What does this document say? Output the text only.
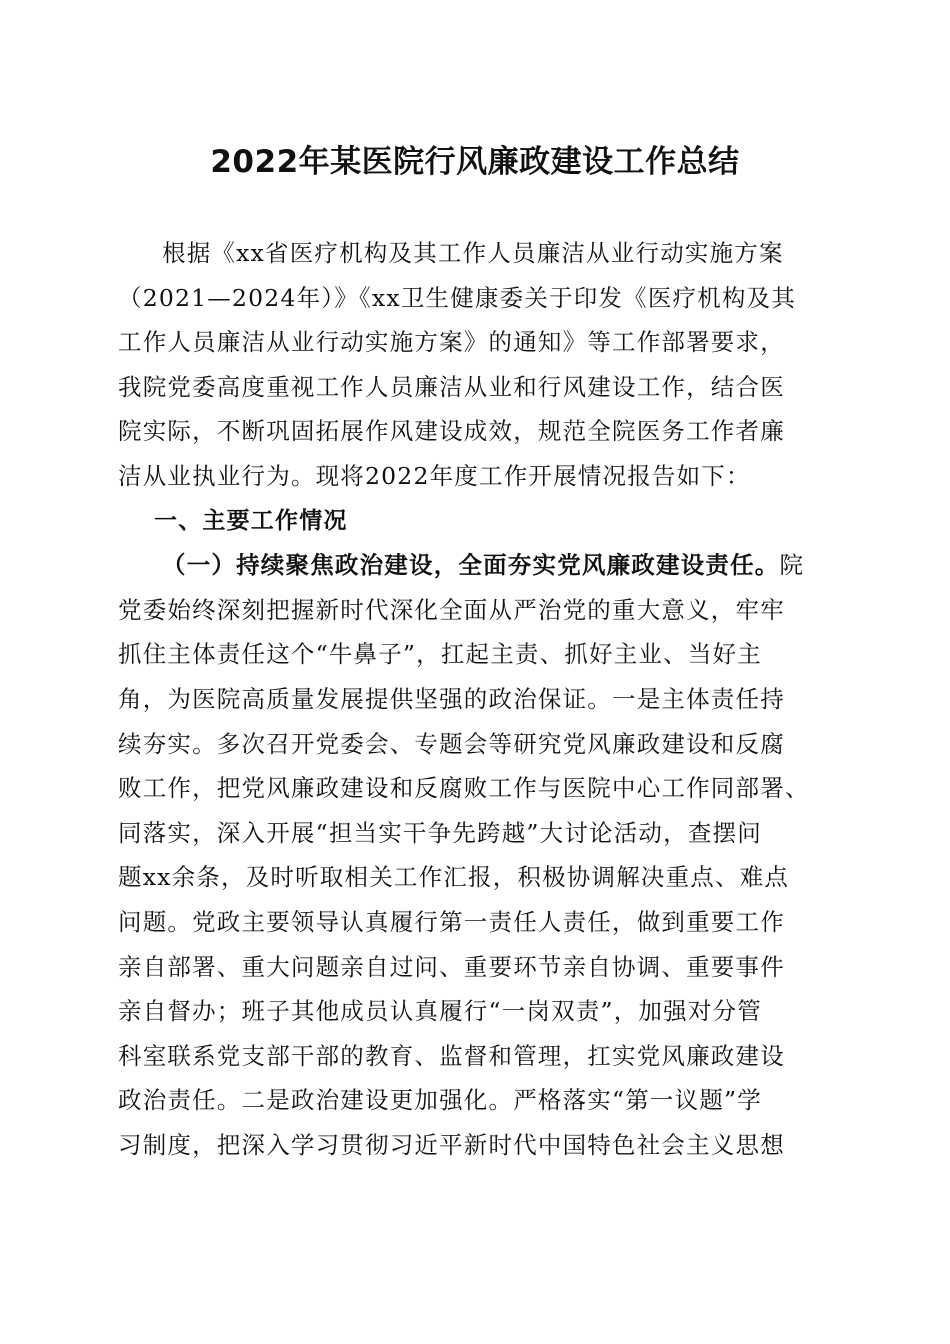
2022年某医院行风廉政建设工作总结
根据《xx省医疗机构及其工作人员廉洁从业行动实施方案
（2021—2024年）》《xx卫生健康委关于印发《医疗机构及其
工作人员廉洁从业行动实施方案》的通知》等工作部署要求，
我院党委高度重视工作人员廉洁从业和行风建设工作，结合医
院实际，不断巩固拓展作风建设成效，规范全院医务工作者廉
洁从业执业行为。现将2022年度工作开展情况报告如下：
一、主要工作情况
（一）持续聚焦政治建设，全面夯实党风廉政建设责任。院
党委始终深刻把握新时代深化全面从严治党的重大意义，牢牢
抓住主体责任这个“牛鼻子”，扛起主责、抓好主业、当好主
角，为医院高质量发展提供坚强的政治保证。一是主体责任持
续夯实。多次召开党委会、专题会等研究党风廉政建设和反腐
败工作，把党风廉政建设和反腐败工作与医院中心工作同部署、
同落实，深入开展“担当实干争先跨越”大讨论活动，查摆问
题xx余条，及时听取相关工作汇报，积极协调解决重点、难点
问题。党政主要领导认真履行第一责任人责任，做到重要工作
亲自部署、重大问题亲自过问、重要环节亲自协调、重要事件
亲自督办；班子其他成员认真履行“一岗双责”，加强对分管
科室联系党支部干部的教育、监督和管理，扛实党风廉政建设
政治责任。二是政治建设更加强化。严格落实“第一议题”学
习制度，把深入学习贯彻习近平新时代中国特色社会主义思想
